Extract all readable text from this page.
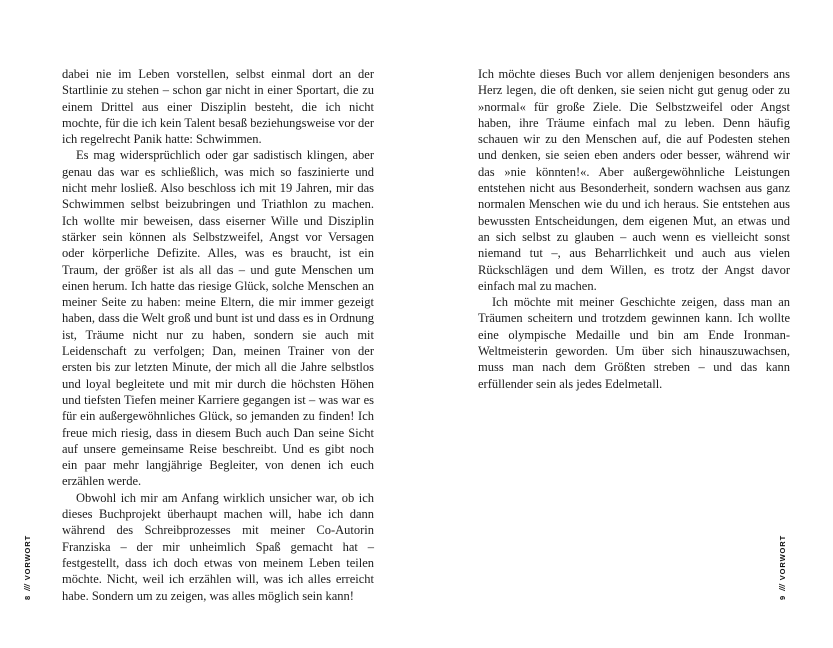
dabei nie im Leben vorstellen, selbst einmal dort an der Startlinie zu stehen – schon gar nicht in einer Sportart, die zu einem Drittel aus einer Disziplin besteht, die ich nicht mochte, für die ich kein Talent besaß beziehungsweise vor der ich regelrecht Panik hatte: Schwimmen.

Es mag widersprüchlich oder gar sadistisch klingen, aber genau das war es schließlich, was mich so faszinierte und nicht mehr losließ. Also beschloss ich mit 19 Jahren, mir das Schwimmen selbst beizubringen und Triathlon zu machen. Ich wollte mir beweisen, dass eiserner Wille und Disziplin stärker sein können als Selbstzweifel, Angst vor Versagen oder körperliche Defizite. Alles, was es braucht, ist ein Traum, der größer ist als all das – und gute Menschen um einen herum. Ich hatte das riesige Glück, solche Menschen an meiner Seite zu haben: meine Eltern, die mir immer gezeigt haben, dass die Welt groß und bunt ist und dass es in Ordnung ist, Träume nicht nur zu haben, sondern sie auch mit Leidenschaft zu verfolgen; Dan, meinen Trainer von der ersten bis zur letzten Minute, der mich all die Jahre selbstlos und loyal begleitete und mit mir durch die höchsten Höhen und tiefsten Tiefen meiner Karriere gegangen ist – was war es für ein außergewöhnliches Glück, so jemanden zu finden! Ich freue mich riesig, dass in diesem Buch auch Dan seine Sicht auf unsere gemeinsame Reise beschreibt. Und es gibt noch ein paar mehr langjährige Begleiter, von denen ich euch erzählen werde.

Obwohl ich mir am Anfang wirklich unsicher war, ob ich dieses Buchprojekt überhaupt machen will, habe ich dann während des Schreibprozesses mit meiner Co-Autorin Franziska – der mir unheimlich Spaß gemacht hat – festgestellt, dass ich doch etwas von meinem Leben teilen möchte. Nicht, weil ich erzählen will, was ich alles erreicht habe. Sondern um zu zeigen, was alles möglich sein kann!

8
///
VORWORT

Ich möchte dieses Buch vor allem denjenigen besonders ans Herz legen, die oft denken, sie seien nicht gut genug oder zu »normal« für große Ziele. Die Selbstzweifel oder Angst haben, ihre Träume einfach mal zu leben. Denn häufig schauen wir zu den Menschen auf, die auf Podesten stehen und denken, sie seien eben anders oder besser, während wir das »nie könnten!«. Aber außergewöhnliche Leistungen entstehen nicht aus Besonderheit, sondern wachsen aus ganz normalen Menschen wie du und ich heraus. Sie entstehen aus bewussten Entscheidungen, dem eigenen Mut, an etwas und an sich selbst zu glauben – auch wenn es vielleicht sonst niemand tut –, aus Beharrlichkeit und auch aus vielen Rückschlägen und dem Willen, es trotz der Angst davor einfach mal zu machen.

Ich möchte mit meiner Geschichte zeigen, dass man an Träumen scheitern und trotzdem gewinnen kann. Ich wollte eine olympische Medaille und bin am Ende Ironman-Weltmeisterin geworden. Um über sich hinauszuwachsen, muss man nach dem Größten streben – und das kann erfüllender sein als jedes Edelmetall.

9
///
VORWORT
